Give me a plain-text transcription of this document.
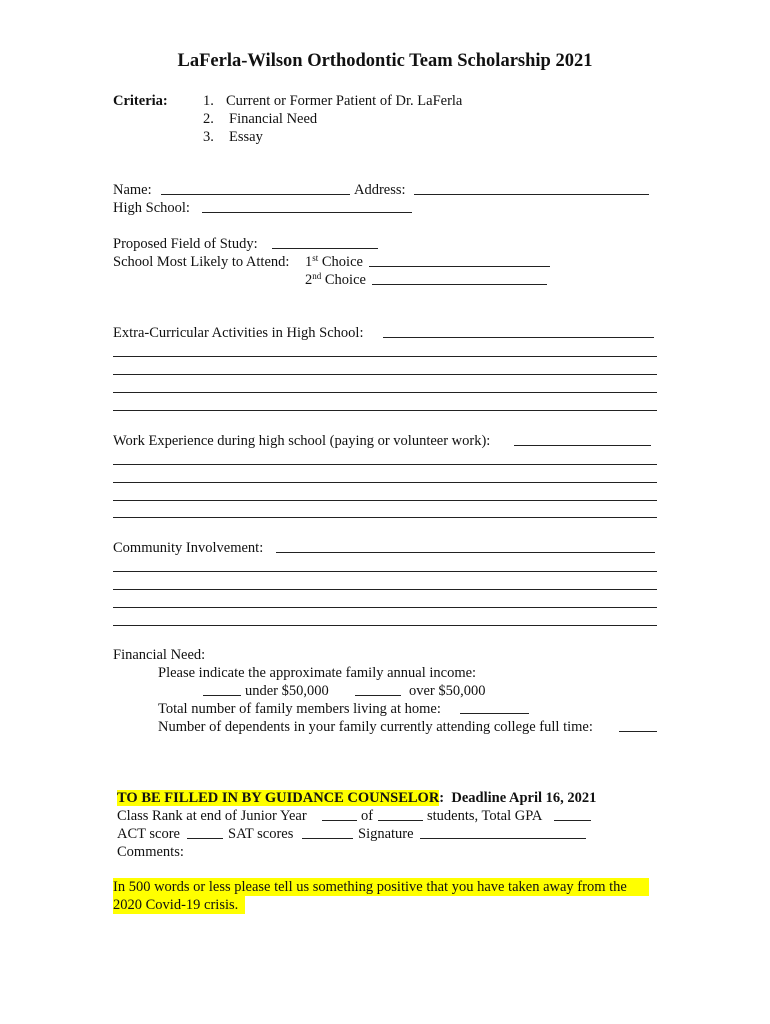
LaFerla-Wilson Orthodontic Team Scholarship 2021
Criteria: 1. Current or Former Patient of Dr. LaFerla
2. Financial Need
3. Essay
Name:	Address:
High School:
Proposed Field of Study:
School Most Likely to Attend: 1st Choice
2nd Choice
Extra-Curricular Activities in High School:
Work Experience during high school (paying or volunteer work):
Community Involvement:
Financial Need:
Please indicate the approximate family annual income:
under $50,000	over $50,000
Total number of family members living at home:
Number of dependents in your family currently attending college full time:
TO BE FILLED IN BY GUIDANCE COUNSELOR: Deadline April 16, 2021
Class Rank at end of Junior Year	of	students, Total GPA
ACT score	SAT scores	Signature
Comments:
In 500 words or less please tell us something positive that you have taken away from the
2020 Covid-19 crisis.
